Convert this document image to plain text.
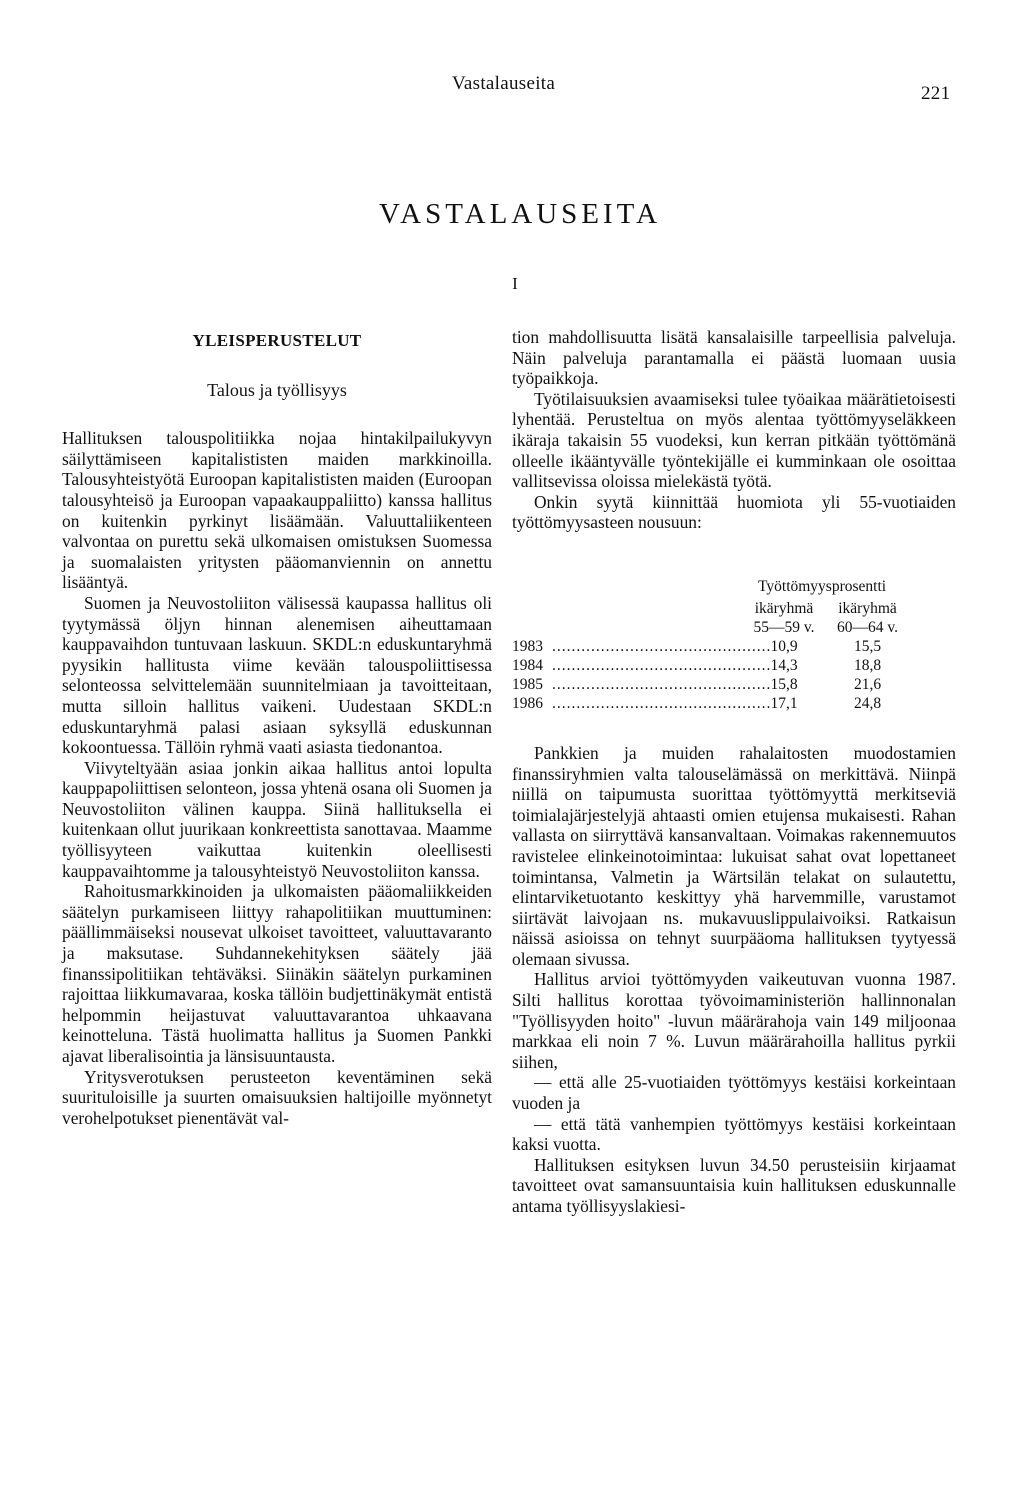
Vastalauseita	221
VASTALAUSEITA
I
YLEISPERUSTELUT
Talous ja työllisyys

Hallituksen talouspolitiikka nojaa hintakilpailukyvyn säilyttämiseen kapitalististen maiden markkinoilla. Talousyhteistyötä Euroopan kapitalististen maiden (Euroopan talousyhteisö ja Euroopan vapaakauppaliitto) kanssa hallitus on kuitenkin pyrkinyt lisäämään. Valuuttaliikenteen valvontaa on purettu sekä ulkomaisen omistuksen Suomessa ja suomalaisten yritysten pääomanviennin on annettu lisääntyä.

Suomen ja Neuvostoliiton välisessä kaupassa hallitus oli tyytymässä öljyn hinnan alenemisen aiheuttamaan kauppavaihdon tuntuvaan laskuun. SKDL:n eduskuntaryhmä pyysikin hallitusta viime kevään talouspoliittisessa selonteossa selvittelemään suunnitelmiaan ja tavoitteitaan, mutta silloin hallitus vaikeni. Uudestaan SKDL:n eduskuntaryhmä palasi asiaan syksyllä eduskunnan kokoontuessa. Tällöin ryhmä vaati asiasta tiedonantoa.

Viivyteltyään asiaa jonkin aikaa hallitus antoi lopulta kauppapoliittisen selonteon, jossa yhtenä osana oli Suomen ja Neuvostoliiton välinen kauppa. Siinä hallituksella ei kuitenkaan ollut juurikaan konkreettista sanottavaa. Maamme työllisyyteen vaikuttaa kuitenkin oleellisesti kauppavaihtomme ja talousyhteistyö Neuvostoliiton kanssa.

Rahoitusmarkkinoiden ja ulkomaisten pääomaliikkeiden säätelyn purkamiseen liittyy rahapolitiikan muuttuminen: päällimmäiseksi nousevat ulkoiset tavoitteet, valuuttavaranto ja maksutase. Suhdannekehityksen säätely jää finanssipolitiikan tehtäväksi. Siinäkin säätelyn purkaminen rajoittaa liikkumavaraa, koska tällöin budjettinäkymät entistä helpommin heijastuvat valuuttavarantoa uhkaavana keinotteluna. Tästä huolimatta hallitus ja Suomen Pankki ajavat liberalisointia ja länsisuuntausta.

Yritysverotuksen perusteeton keventäminen sekä suurituloisille ja suurten omaisuuksien haltijoille myönnetyt verohelpotukset pienentävät val-

tion mahdollisuutta lisätä kansalaisille tarpeellisia palveluja. Näin palveluja parantamalla ei päästä luomaan uusia työpaikkoja.

Työtilaisuuksien avaamiseksi tulee työaikaa määrätietoisesti lyhentää. Perusteltua on myös alentaa työttömyyseläkkeen ikäraja takaisin 55 vuodeksi, kun kerran pitkään työttömänä olleelle ikääntyvälle työntekijälle ei kumminkaan ole osoittaa vallitsevissa oloissa mielekästä työtä.

Onkin syytä kiinnittää huomiota yli 55-vuotiaiden työttömyysasteen nousuun:

Työttömyysprosentti
ikäryhmä	ikäryhmä
55—59 v.	60—64 v.
1983 ............................................. 10,9	15,5
1984 ............................................. 14,3	18,8
1985 ............................................. 15,8	21,6
1986 ............................................. 17,1	24,8

Pankkien ja muiden rahalaitosten muodostamien finanssiryhmien valta talouselämässä on merkittävä. Niinpä niillä on taipumusta suorittaa työttömyyttä merkitseviä toimialajärjestelyjä ahtaasti omien etujensa mukaisesti. Rahan vallasta on siirryttävä kansanvaltaan. Voimakas rakennemuutos ravistelee elinkeinotoimintaa: lukuisat sahat ovat lopettaneet toimintansa, Valmetin ja Wärtsilän telakat on sulautettu, elintarviketuotanto keskittyy yhä harvemmille, varustamot siirtävät laivojaan ns. mukavuuslippulaivoiksi. Ratkaisun näissä asioissa on tehnyt suurpääoma hallituksen tyytyessä olemaan sivussa.

Hallitus arvioi työttömyyden vaikeutuvan vuonna 1987. Silti hallitus korottaa työvoimaministeriön hallinnonalan "Työllisyyden hoito" -luvun määrärahoja vain 149 miljoonaa markkaa eli noin 7 %. Luvun määrärahoilla hallitus pyrkii siihen,

— että alle 25-vuotiaiden työttömyys kestäisi korkeintaan vuoden ja

— että tätä vanhempien työttömyys kestäisi korkeintaan kaksi vuotta.

Hallituksen esityksen luvun 34.50 perusteisiin kirjaamat tavoitteet ovat samansuuntaisia kuin hallituksen eduskunnalle antama työllisyyslakiesi-
